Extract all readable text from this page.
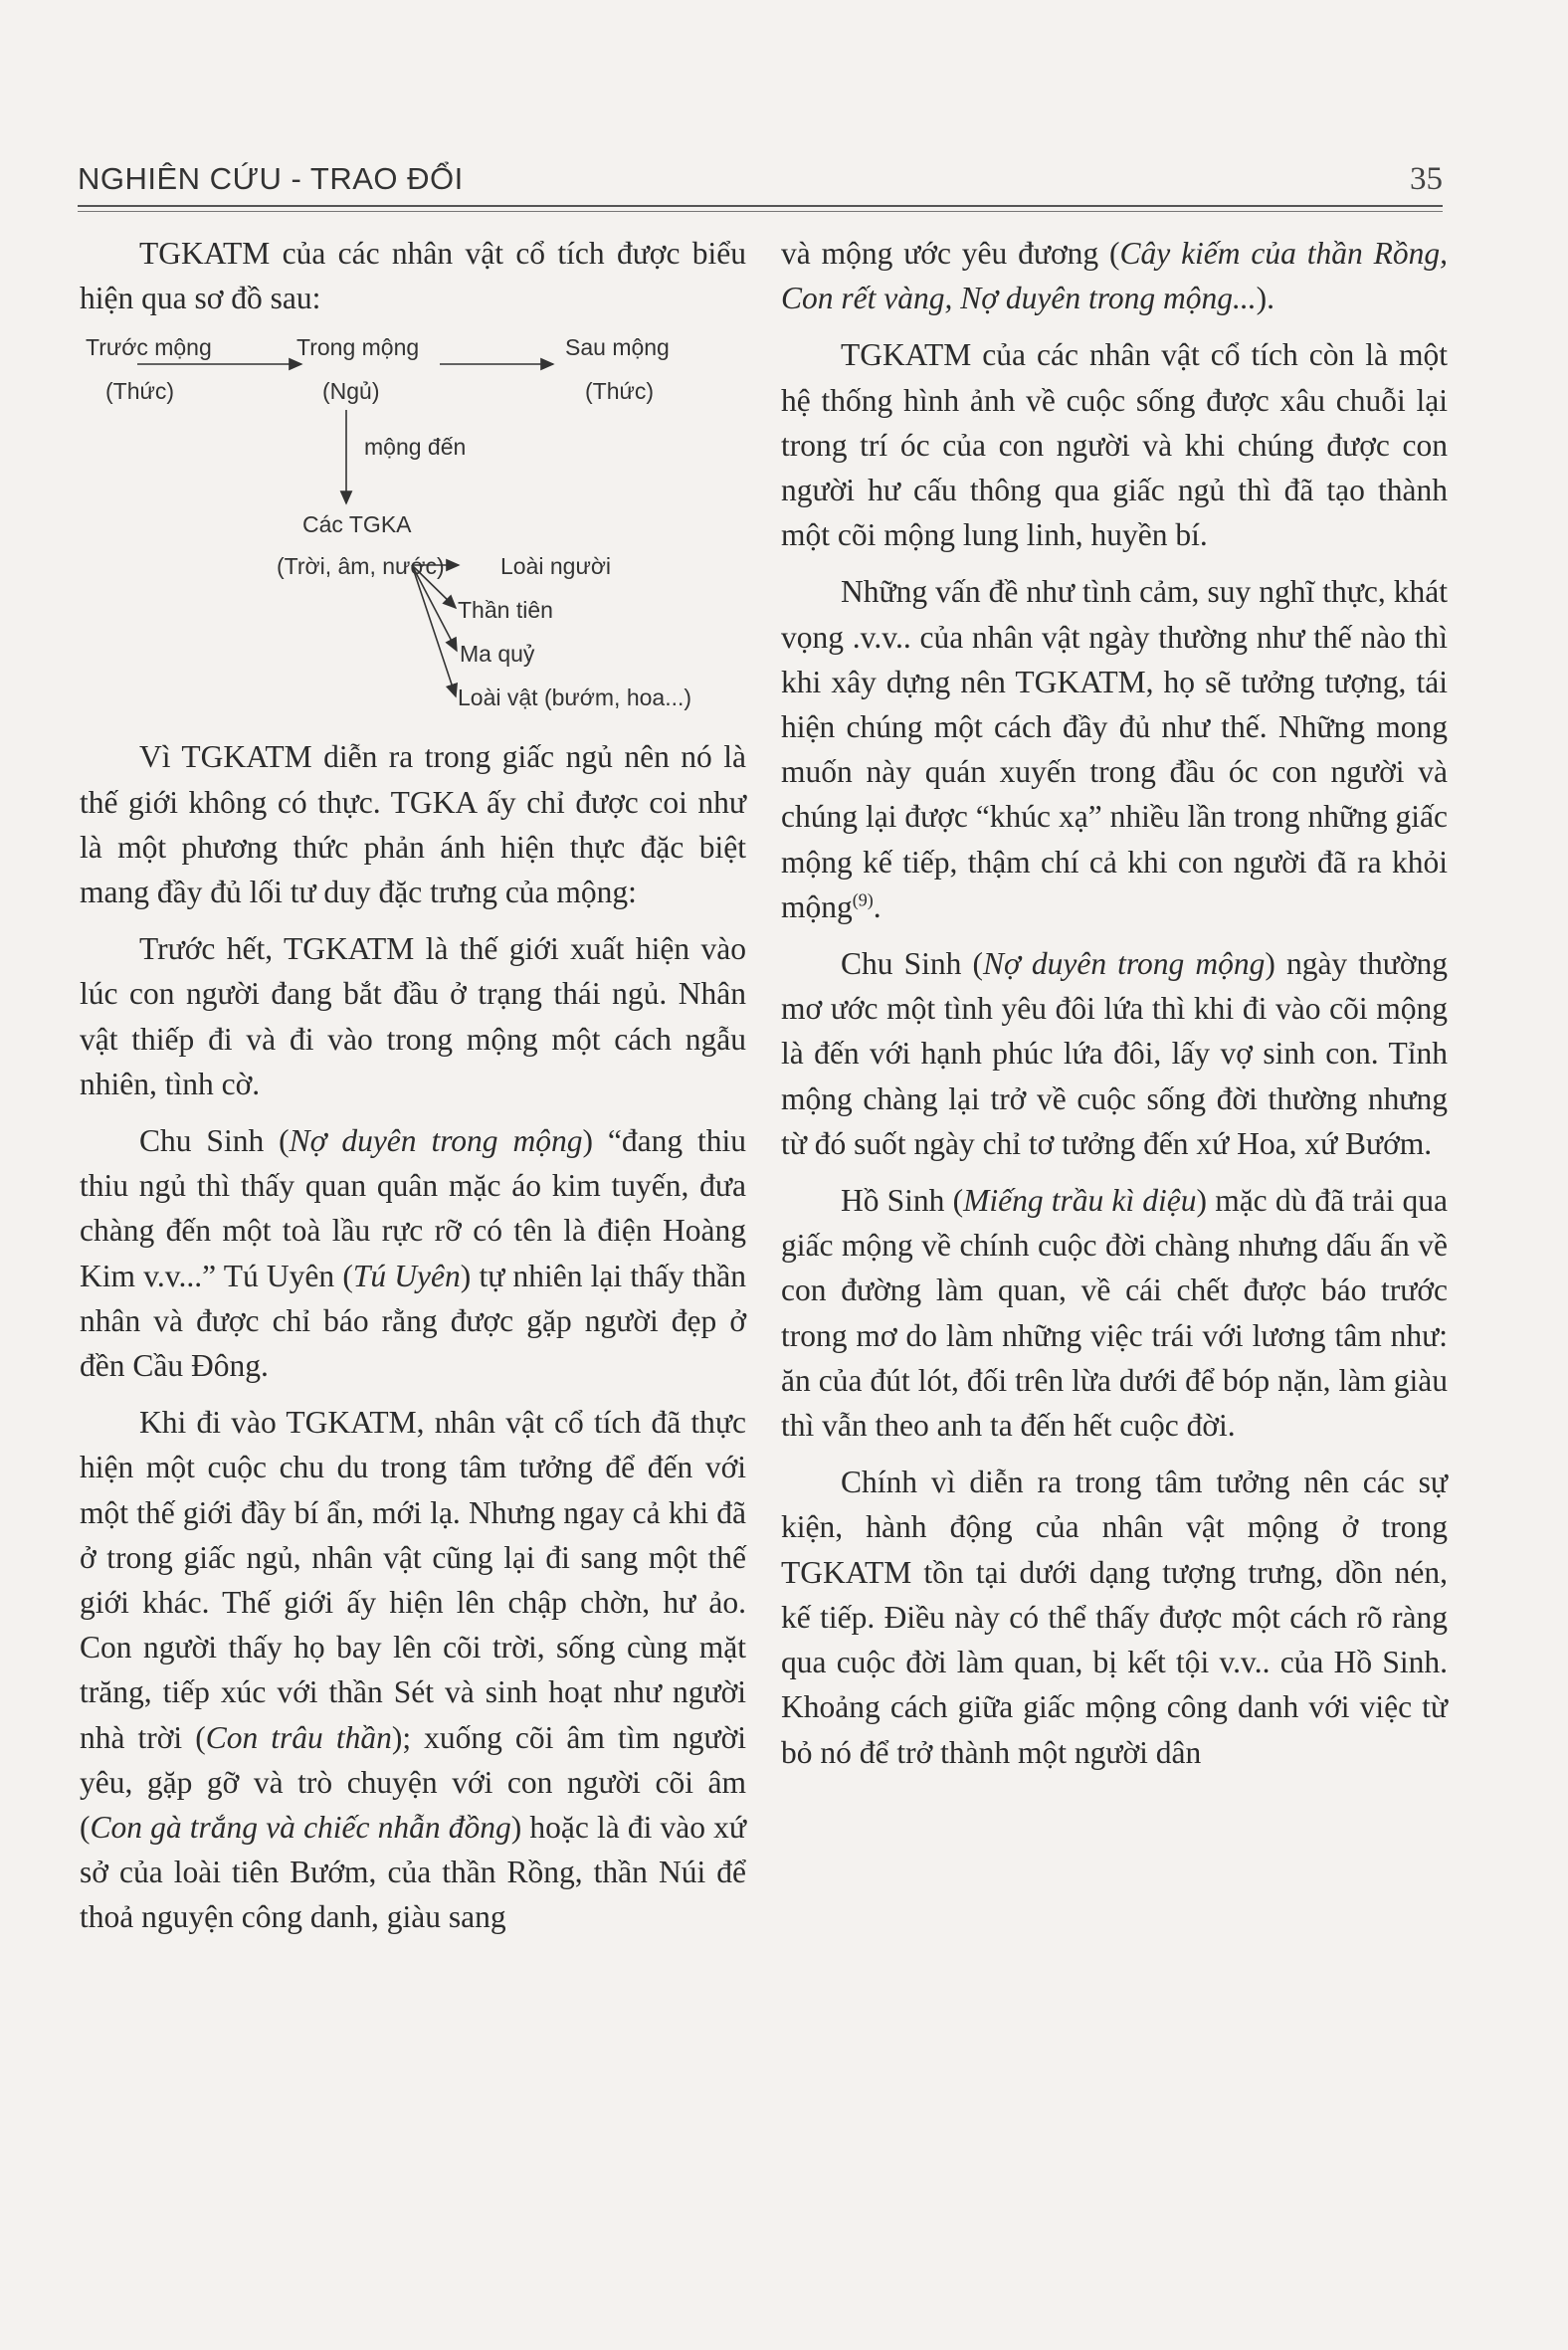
NGHIÊN CỨU - TRAO ĐỔI	35

TGKATM của các nhân vật cổ tích được biểu hiện qua sơ đồ sau:

Trước mộng
(Thức)
Trong mộng
(Ngủ)
Sau mộng
(Thức)
mộng đến
Các TGKA
(Trời, âm, nước) Loài người
Thần tiên
Ma quỷ
Loài vật (bướm, hoa...)

Vì TGKATM diễn ra trong giấc ngủ nên nó là thế giới không có thực. TGKA ấy chỉ được coi như là một phương thức phản ánh hiện thực đặc biệt mang đầy đủ lối tư duy đặc trưng của mộng:

Trước hết, TGKATM là thế giới xuất hiện vào lúc con người đang bắt đầu ở trạng thái ngủ. Nhân vật thiếp đi và đi vào trong mộng một cách ngẫu nhiên, tình cờ.

Chu Sinh (Nợ duyên trong mộng) “đang thiu thiu ngủ thì thấy quan quân mặc áo kim tuyến, đưa chàng đến một toà lầu rực rỡ có tên là điện Hoàng Kim v.v...” Tú Uyên (Tú Uyên) tự nhiên lại thấy thần nhân và được chỉ báo rằng được gặp người đẹp ở đền Cầu Đông.

Khi đi vào TGKATM, nhân vật cổ tích đã thực hiện một cuộc chu du trong tâm tưởng để đến với một thế giới đầy bí ẩn, mới lạ. Nhưng ngay cả khi đã ở trong giấc ngủ, nhân vật cũng lại đi sang một thế giới khác. Thế giới ấy hiện lên chập chờn, hư ảo. Con người thấy họ bay lên cõi trời, sống cùng mặt trăng, tiếp xúc với thần Sét và sinh hoạt như người nhà trời (Con trâu thần); xuống cõi âm tìm người yêu, gặp gỡ và trò chuyện với con người cõi âm (Con gà trắng và chiếc nhẫn đồng) hoặc là đi vào xứ sở của loài tiên Bướm, của thần Rồng, thần Núi để thoả nguyện công danh, giàu sang

và mộng ước yêu đương (Cây kiếm của thần Rồng, Con rết vàng, Nợ duyên trong mộng...).

TGKATM của các nhân vật cổ tích còn là một hệ thống hình ảnh về cuộc sống được xâu chuỗi lại trong trí óc của con người và khi chúng được con người hư cấu thông qua giấc ngủ thì đã tạo thành một cõi mộng lung linh, huyền bí.

Những vấn đề như tình cảm, suy nghĩ thực, khát vọng .v.v.. của nhân vật ngày thường như thế nào thì khi xây dựng nên TGKATM, họ sẽ tưởng tượng, tái hiện chúng một cách đầy đủ như thế. Những mong muốn này quán xuyến trong đầu óc con người và chúng lại được “khúc xạ” nhiều lần trong những giấc mộng kế tiếp, thậm chí cả khi con người đã ra khỏi mộng$^{(9)}$.

Chu Sinh (Nợ duyên trong mộng) ngày thường mơ ước một tình yêu đôi lứa thì khi đi vào cõi mộng là đến với hạnh phúc lứa đôi, lấy vợ sinh con. Tỉnh mộng chàng lại trở về cuộc sống đời thường nhưng từ đó suốt ngày chỉ tơ tưởng đến xứ Hoa, xứ Bướm.

Hồ Sinh (Miếng trầu kì diệu) mặc dù đã trải qua giấc mộng về chính cuộc đời chàng nhưng dấu ấn về con đường làm quan, về cái chết được báo trước trong mơ do làm những việc trái với lương tâm như: ăn của đút lót, đối trên lừa dưới để bóp nặn, làm giàu thì vẫn theo anh ta đến hết cuộc đời.

Chính vì diễn ra trong tâm tưởng nên các sự kiện, hành động của nhân vật mộng ở trong TGKATM tồn tại dưới dạng tượng trưng, dồn nén, kế tiếp. Điều này có thể thấy được một cách rõ ràng qua cuộc đời làm quan, bị kết tội v.v.. của Hồ Sinh. Khoảng cách giữa giấc mộng công danh với việc từ bỏ nó để trở thành một người dân
